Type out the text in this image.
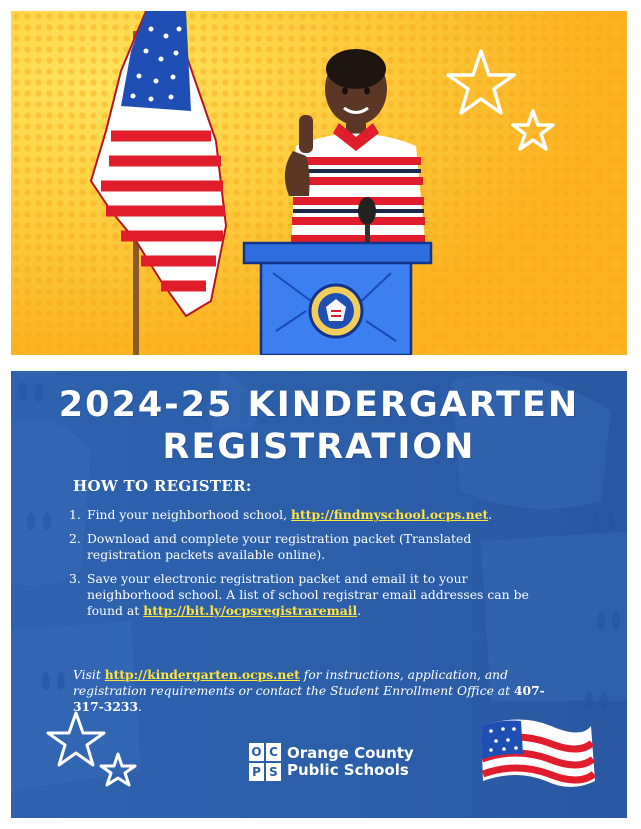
2024-25 KINDERGARTEN
REGISTRATION
HOW TO REGISTER:
1. Find your neighborhood school, http://findmyschool.ocps.net.
2. Download and complete your registration packet (Translated registration packets available online).
3. Save your electronic registration packet and email it to your neighborhood school. A list of school registrar email addresses can be found at http://bit.ly/ocpsregistraremail.
Visit http://kindergarten.ocps.net for instructions, application, and registration requirements or contact the Student Enrollment Office at 407-317-3233.
O C
P S
Orange County
Public Schools
